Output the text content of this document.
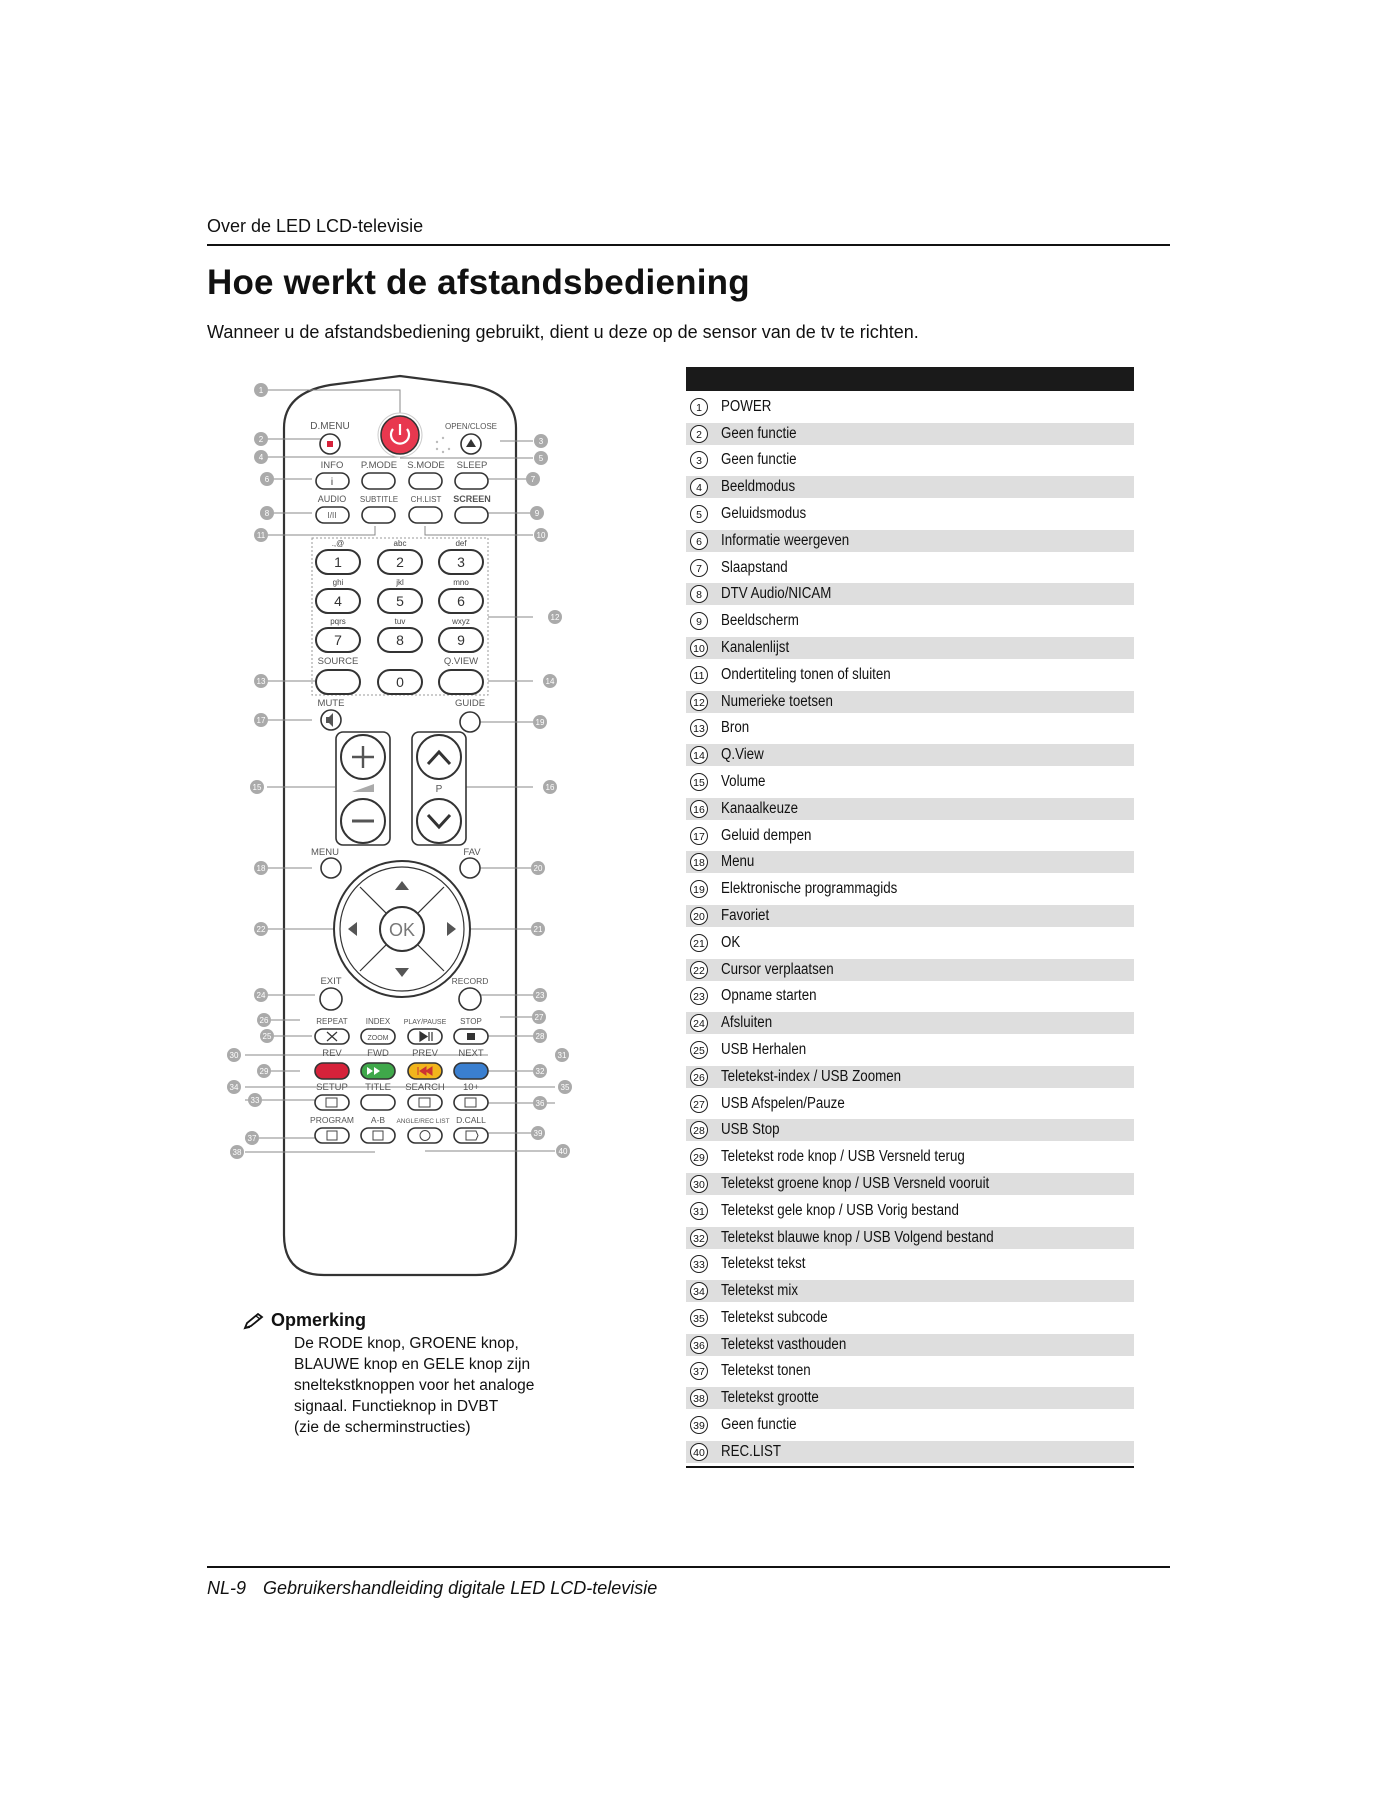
Over de LED LCD-televisie
Hoe werkt de afstandsbediening
Wanneer u de afstandsbediening gebruikt, dient u deze op de sensor van de tv te richten.
1
2
4
6
8
11
13
17
15
18
22
24
26
25
29
30
34
33
37
38
3
5
7
9
10
12
14
19
16
20
21
23
27
28
32
31
35
36
39
40
D.MENU	OPEN/CLOSE
INFO P.MODE S.MODE SLEEP
i
AUDIO SUBTITLE CH.LIST SCREEN
I/II
.,@	abc	def
ghi	jkl	mno
pqrs	tuv	wxyz
1	2	3
4	5	6
7	8	9
0
SOURCE	Q.VIEW
MUTE	GUIDE
P
MENU	FAV
OK
EXIT	RECORD
REPEAT INDEX PLAY/PAUSE STOP
ZOOM
REV	FWD PREV NEXT
SETUP TITLE SEARCH 10+
PROGRAM A-B ANGLE/REC LIST D.CALL
Opmerking
De RODE knop, GROENE knop,
BLAUWE knop en GELE knop zijn
sneltekstknoppen voor het analoge
signaal. Functieknop in DVBT
(zie de scherminstructies)
1	POWER
2	Geen functie
3	Geen functie
4	Beeldmodus
5	Geluidsmodus
6	Informatie weergeven
7	Slaapstand
8	DTV Audio/NICAM
9	Beeldscherm
10 Kanalenlijst
11 Ondertiteling tonen of sluiten
12 Numerieke toetsen
13 Bron
14 Q.View
15 Volume
16 Kanaalkeuze
17 Geluid dempen
18 Menu
19 Elektronische programmagids
20 Favoriet
21 OK
22 Cursor verplaatsen
23 Opname starten
24 Afsluiten
25 USB Herhalen
26 Teletekst-index / USB Zoomen
27 USB Afspelen/Pauze
28 USB Stop
29 Teletekst rode knop / USB Versneld terug
30 Teletekst groene knop / USB Versneld vooruit
31 Teletekst gele knop / USB Vorig bestand
32 Teletekst blauwe knop / USB Volgend bestand
33 Teletekst tekst
34 Teletekst mix
35 Teletekst subcode
36 Teletekst vasthouden
37 Teletekst tonen
38 Teletekst grootte
39 Geen functie
40 REC.LIST
NL-9 Gebruikershandleiding digitale LED LCD-televisie
